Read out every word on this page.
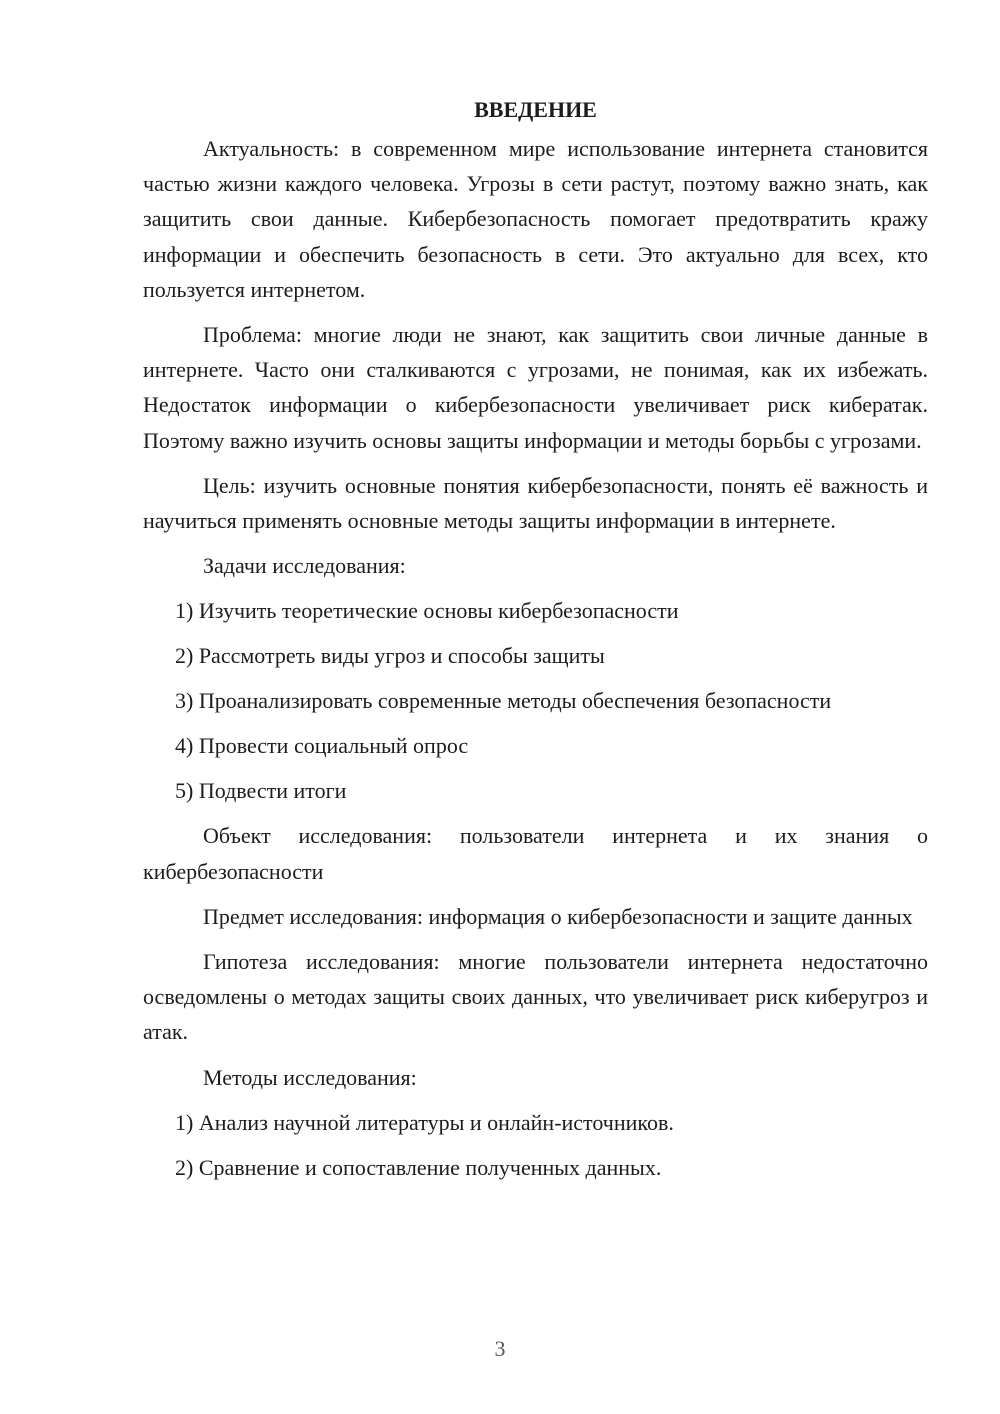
ВВЕДЕНИЕ

Актуальность: в современном мире использование интернета становится частью жизни каждого человека. Угрозы в сети растут, поэтому важно знать, как защитить свои данные. Кибербезопасность помогает предотвратить кражу информации и обеспечить безопасность в сети. Это актуально для всех, кто пользуется интернетом.

Проблема: многие люди не знают, как защитить свои личные данные в интернете. Часто они сталкиваются с угрозами, не понимая, как их избежать. Недостаток информации о кибербезопасности увеличивает риск кибератак. Поэтому важно изучить основы защиты информации и методы борьбы с угрозами.

Цель: изучить основные понятия кибербезопасности, понять её важность и научиться применять основные методы защиты информации в интернете.

Задачи исследования:

1) Изучить теоретические основы кибербезопасности
2) Рассмотреть виды угроз и способы защиты
3) Проанализировать современные методы обеспечения безопасности
4) Провести социальный опрос
5) Подвести итоги

Объект исследования: пользователи интернета и их знания о кибербезопасности

Предмет исследования: информация о кибербезопасности и защите данных

Гипотеза исследования: многие пользователи интернета недостаточно осведомлены о методах защиты своих данных, что увеличивает риск киберугроз и атак.

Методы исследования:

1) Анализ научной литературы и онлайн-источников.
2) Сравнение и сопоставление полученных данных.
3
